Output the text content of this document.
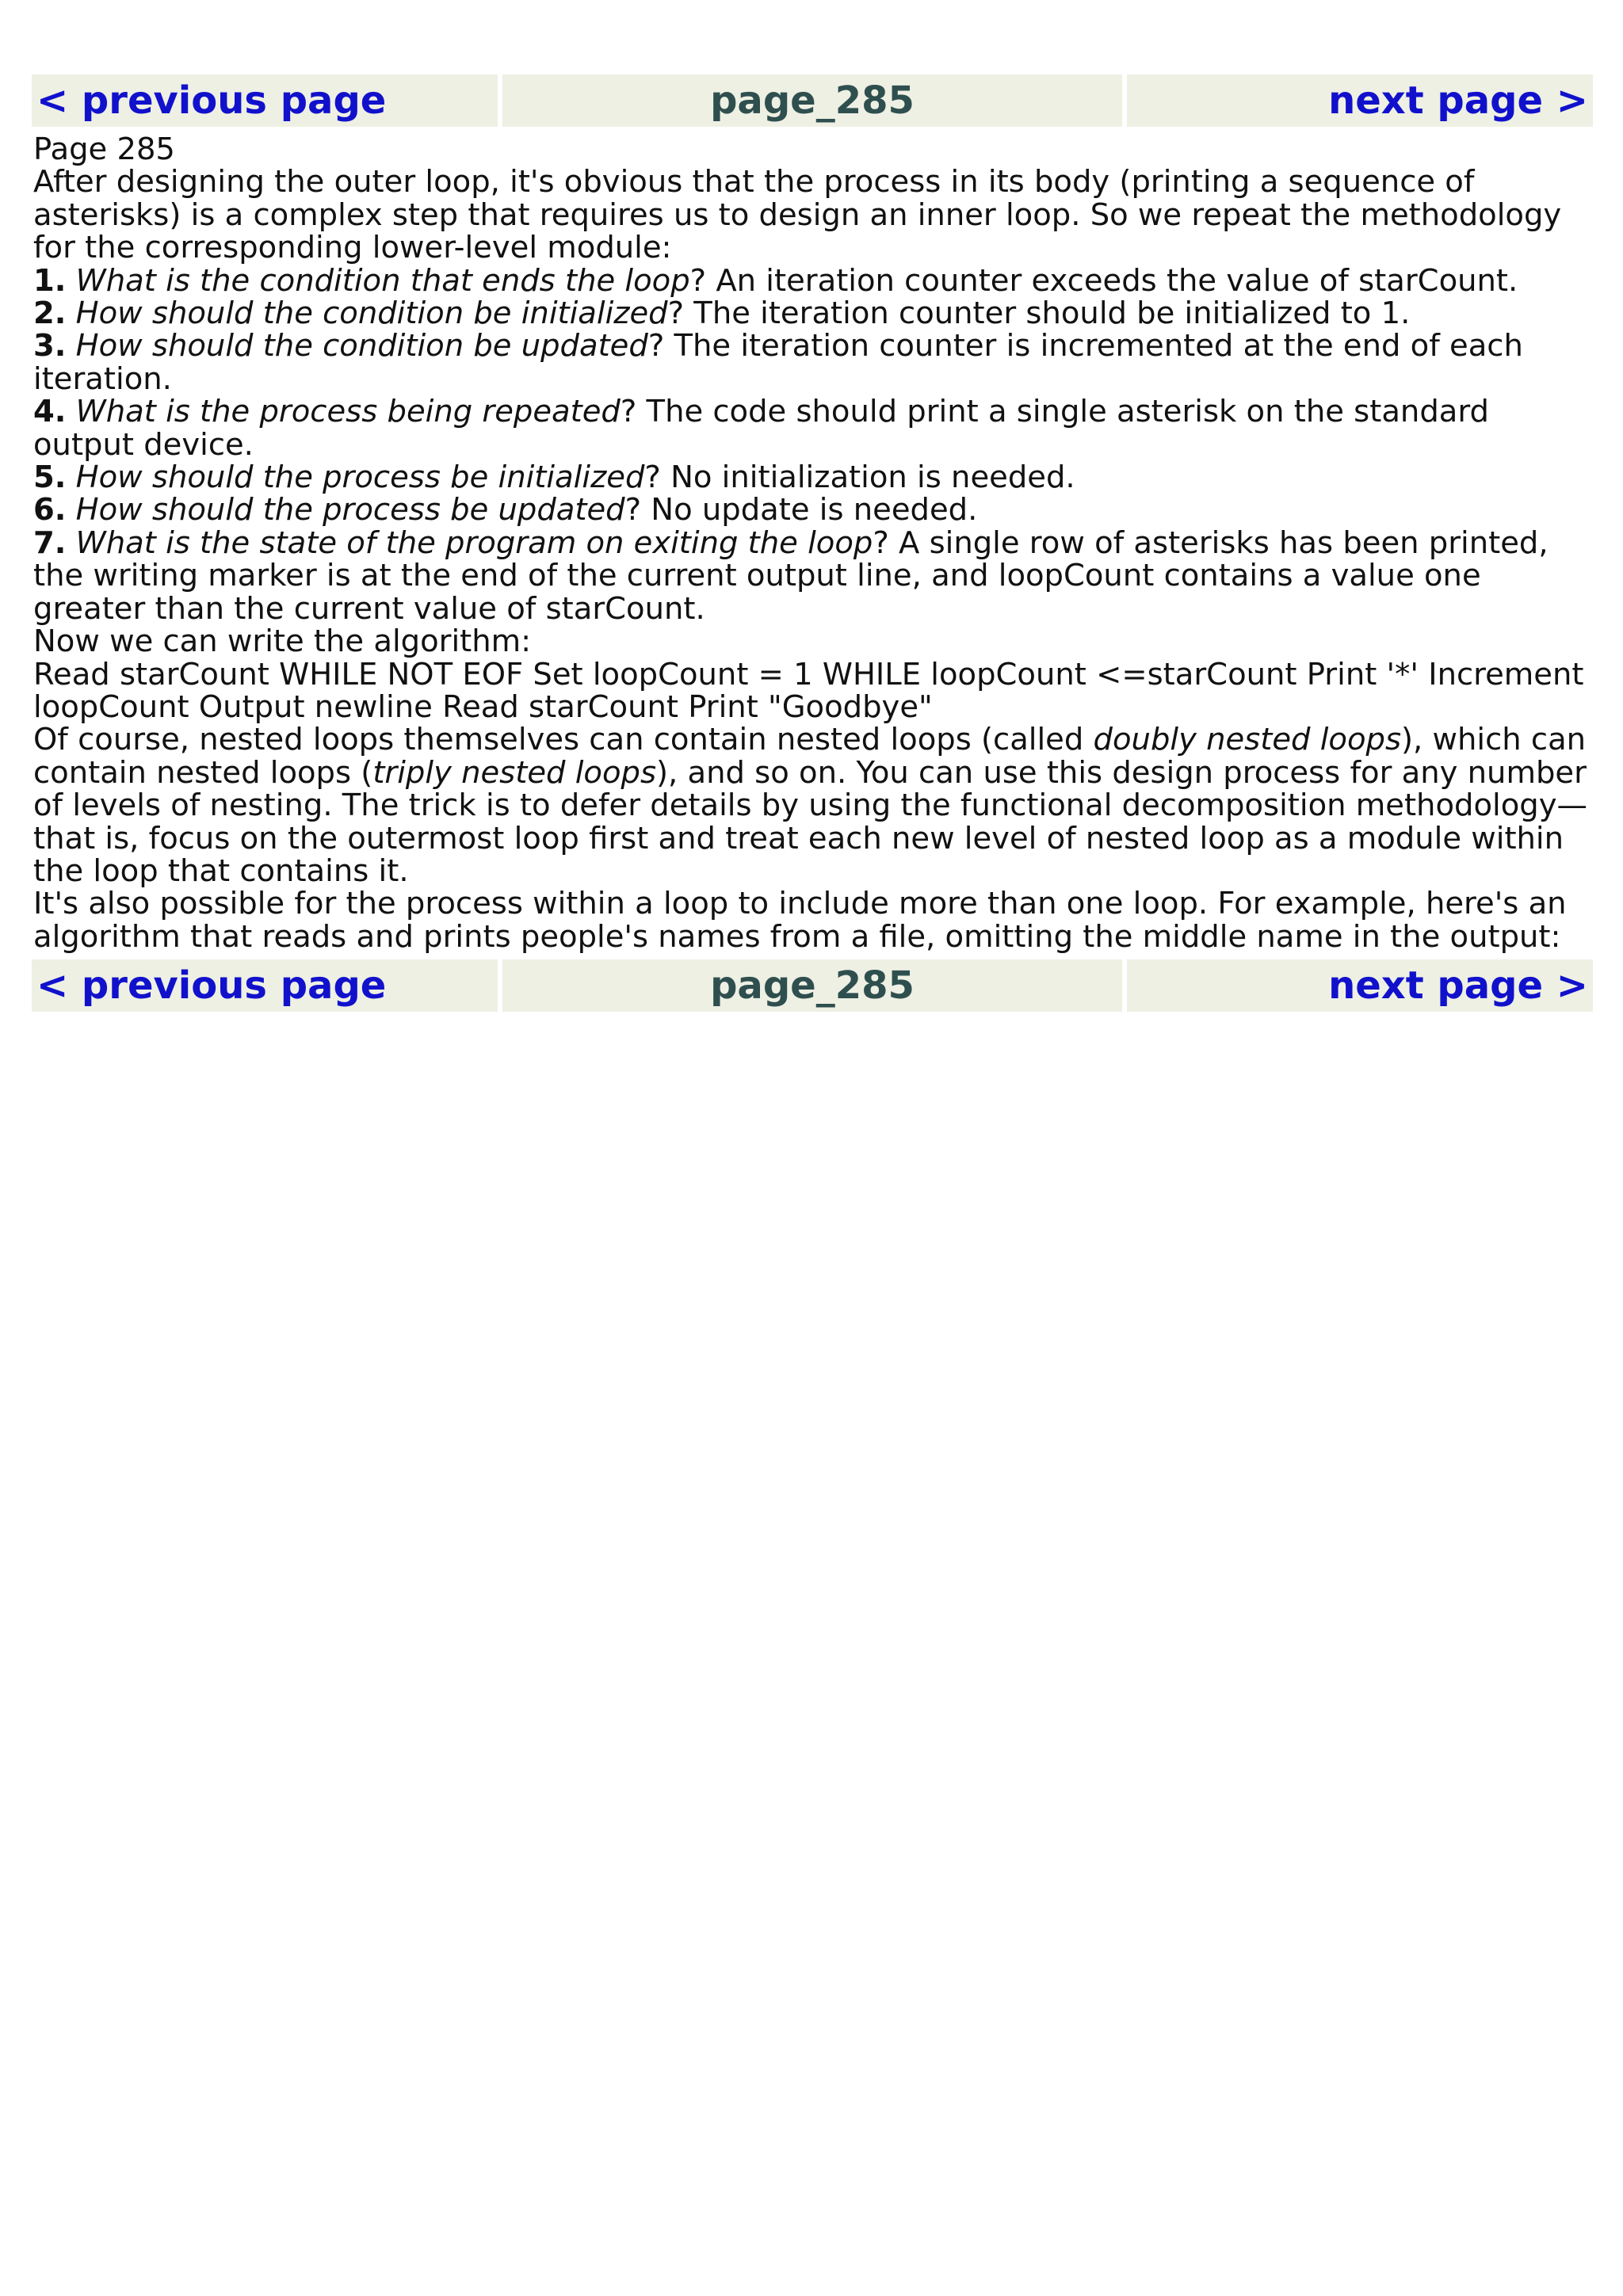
< previous page	page_285	next page >

Page 285

After designing the outer loop, it's obvious that the process in its body (printing a sequence of asterisks) is a complex step that requires us to design an inner loop. So we repeat the methodology for the corresponding lower-level module:

1. What is the condition that ends the loop? An iteration counter exceeds the value of starCount.

2. How should the condition be initialized? The iteration counter should be initialized to 1.

3. How should the condition be updated? The iteration counter is incremented at the end of each iteration.

4. What is the process being repeated? The code should print a single asterisk on the standard output device.

5. How should the process be initialized? No initialization is needed.

6. How should the process be updated? No update is needed.

7. What is the state of the program on exiting the loop? A single row of asterisks has been printed, the writing marker is at the end of the current output line, and loopCount contains a value one greater than the current value of starCount.

Now we can write the algorithm:

Read starCount WHILE NOT EOF Set loopCount = 1 WHILE loopCount <=starCount Print '*' Increment loopCount Output newline Read starCount Print "Goodbye"

Of course, nested loops themselves can contain nested loops (called doubly nested loops), which can contain nested loops (triply nested loops), and so on. You can use this design process for any number of levels of nesting. The trick is to defer details by using the functional decomposition methodology—that is, focus on the outermost loop first and treat each new level of nested loop as a module within the loop that contains it.

It's also possible for the process within a loop to include more than one loop. For example, here's an algorithm that reads and prints people's names from a file, omitting the middle name in the output:

< previous page	page_285	next page >
